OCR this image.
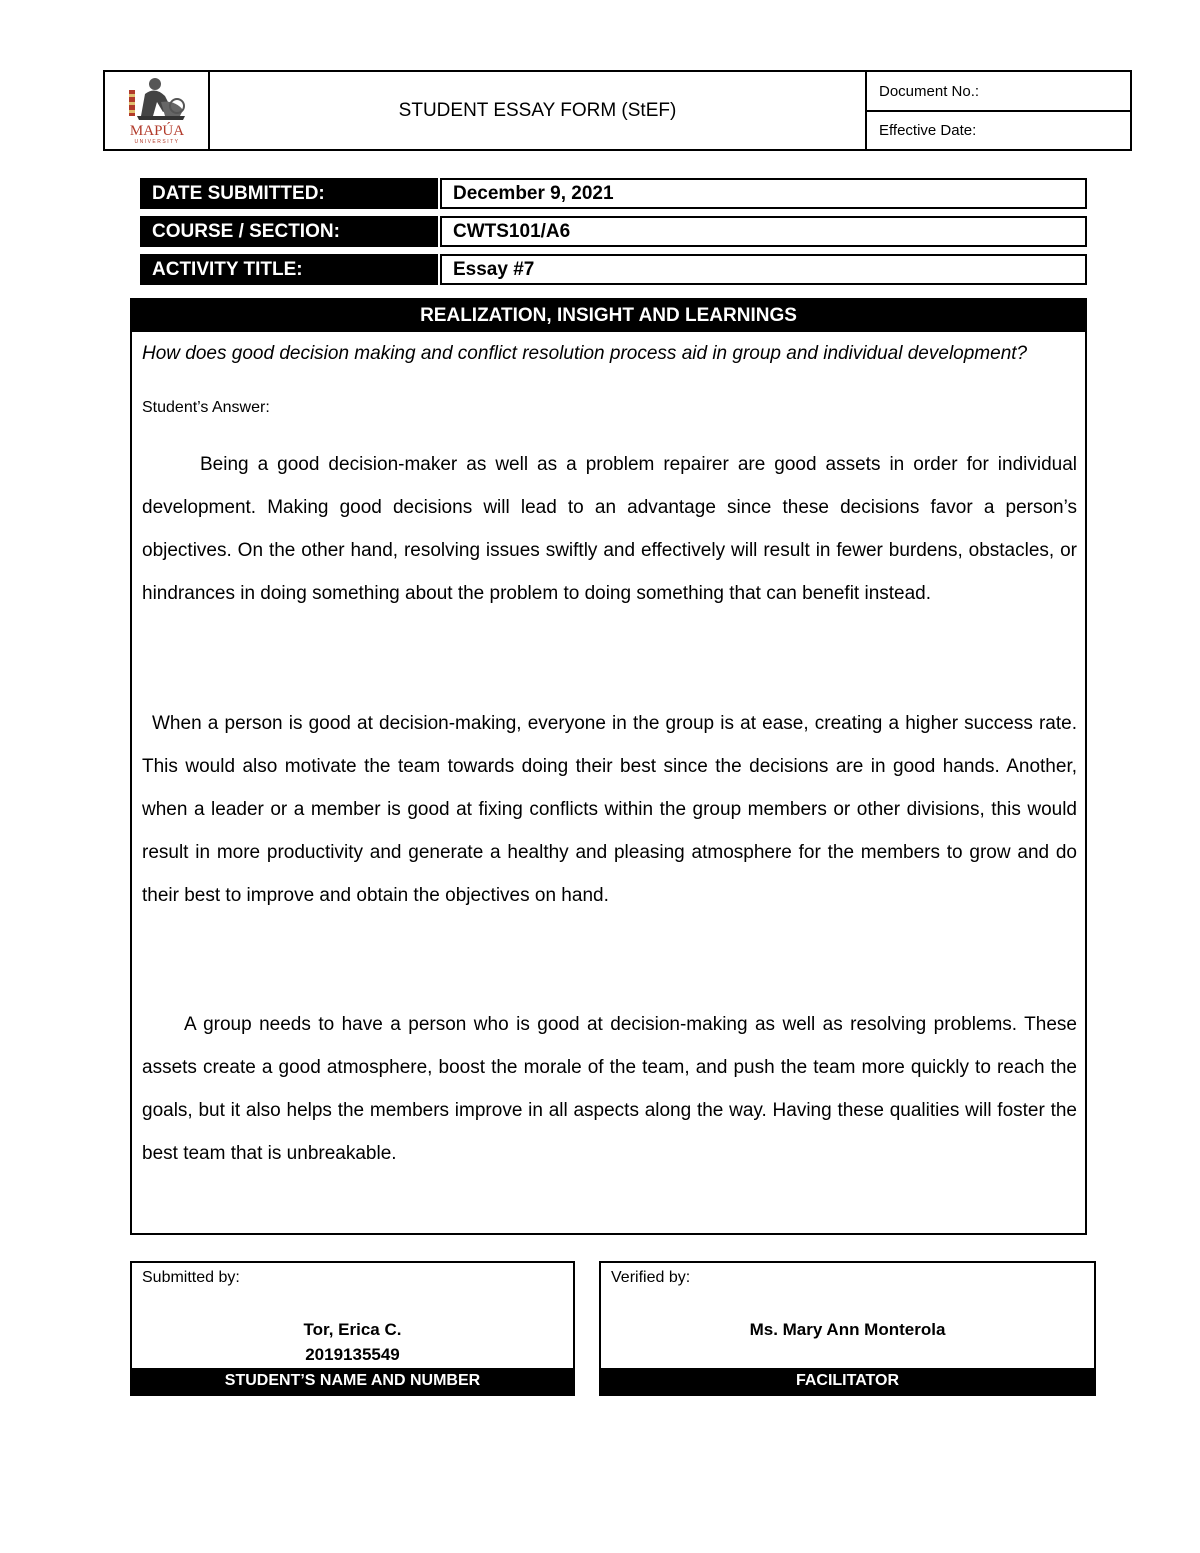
MAPÚA
UNIVERSITY
STUDENT ESSAY FORM (StEF)
Document No.:
Effective Date:
DATE SUBMITTED:	December 9, 2021
COURSE / SECTION:	CWTS101/A6
ACTIVITY TITLE:	Essay #7
REALIZATION, INSIGHT AND LEARNINGS
How does good decision making and conflict resolution process aid in group and individual development?
Student’s Answer:
Being a good decision-maker as well as a problem repairer are good assets in order for individual development. Making good decisions will lead to an advantage since these decisions favor a person’s objectives. On the other hand, resolving issues swiftly and effectively will result in fewer burdens, obstacles, or hindrances in doing something about the problem to doing something that can benefit instead.
When a person is good at decision-making, everyone in the group is at ease, creating a higher success rate. This would also motivate the team towards doing their best since the decisions are in good hands. Another, when a leader or a member is good at fixing conflicts within the group members or other divisions, this would result in more productivity and generate a healthy and pleasing atmosphere for the members to grow and do their best to improve and obtain the objectives on hand.
A group needs to have a person who is good at decision-making as well as resolving problems. These assets create a good atmosphere, boost the morale of the team, and push the team more quickly to reach the goals, but it also helps the members improve in all aspects along the way. Having these qualities will foster the best team that is unbreakable.
Submitted by:
Tor, Erica C.
2019135549
STUDENT’S NAME AND NUMBER
Verified by:
Ms. Mary Ann Monterola
FACILITATOR
